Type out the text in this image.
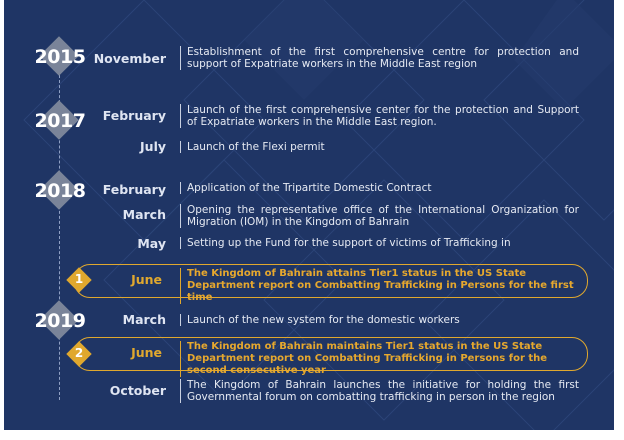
2015 November	Establishment of the first comprehensive centre for protection and support of Expatriate workers in the Middle East region
2017	February	Launch of the first comprehensive center for the protection and Support of Expatriate workers in the Middle East region.
July	Launch of the Flexi permit
2018	February	Application of the Tripartite Domestic Contract
March	Opening the representative office of the International Organization for Migration (IOM) in the Kingdom of Bahrain
May	Setting up the Fund for the support of victims of Trafficking in
1	June	The Kingdom of Bahrain attains Tier1 status in the US State Department report on Combatting Trafficking in Persons for the first time
2019	March	Launch of the new system for the domestic workers
2	June	The Kingdom of Bahrain maintains Tier1 status in the US State Department report on Combatting Trafficking in Persons for the second consecutive year
October	The Kingdom of Bahrain launches the initiative for holding the first Governmental forum on combatting trafficking in person in the region
